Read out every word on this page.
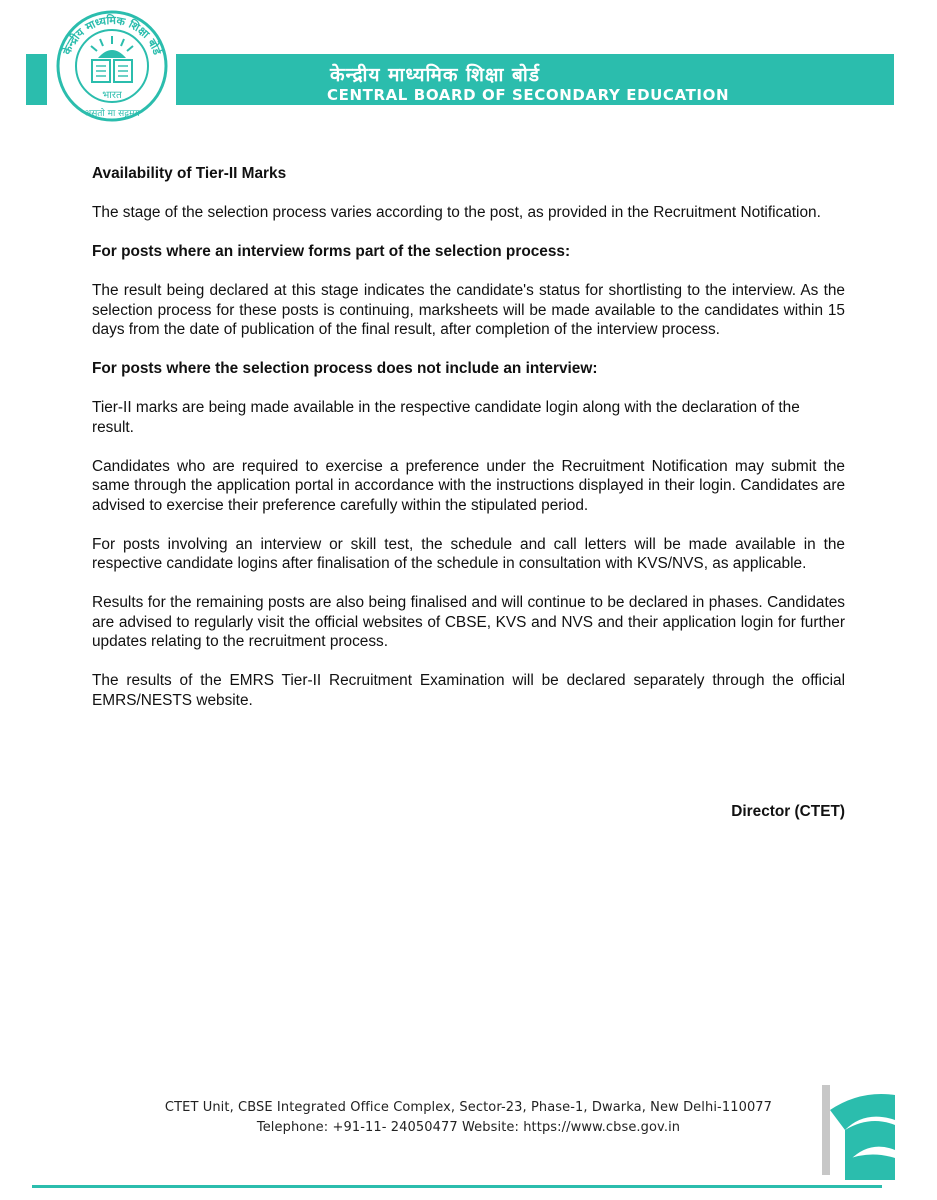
केन्द्रीय माध्यमिक शिक्षा बोर्ड
भारत
असतो मा सद्गमय
केन्द्रीय माध्यमिक शिक्षा बोर्ड
CENTRAL BOARD OF SECONDARY EDUCATION

Availability of Tier-II Marks

The stage of the selection process varies according to the post, as provided in the Recruitment Notification.

For posts where an interview forms part of the selection process:

The result being declared at this stage indicates the candidate's status for shortlisting to the interview. As the selection process for these posts is continuing, marksheets will be made available to the candidates within 15 days from the date of publication of the final result, after completion of the interview process.

For posts where the selection process does not include an interview:

Tier-II marks are being made available in the respective candidate login along with the declaration of the result.

Candidates who are required to exercise a preference under the Recruitment Notification may submit the same through the application portal in accordance with the instructions displayed in their login. Candidates are advised to exercise their preference carefully within the stipulated period.

For posts involving an interview or skill test, the schedule and call letters will be made available in the respective candidate logins after finalisation of the schedule in consultation with KVS/NVS, as applicable.

Results for the remaining posts are also being finalised and will continue to be declared in phases. Candidates are advised to regularly visit the official websites of CBSE, KVS and NVS and their application login for further updates relating to the recruitment process.

The results of the EMRS Tier-II Recruitment Examination will be declared separately through the official EMRS/NESTS website.

Director (CTET)
CTET Unit, CBSE Integrated Office Complex, Sector-23, Phase-1, Dwarka, New Delhi-110077
Telephone: +91-11- 24050477 Website: https://www.cbse.gov.in
